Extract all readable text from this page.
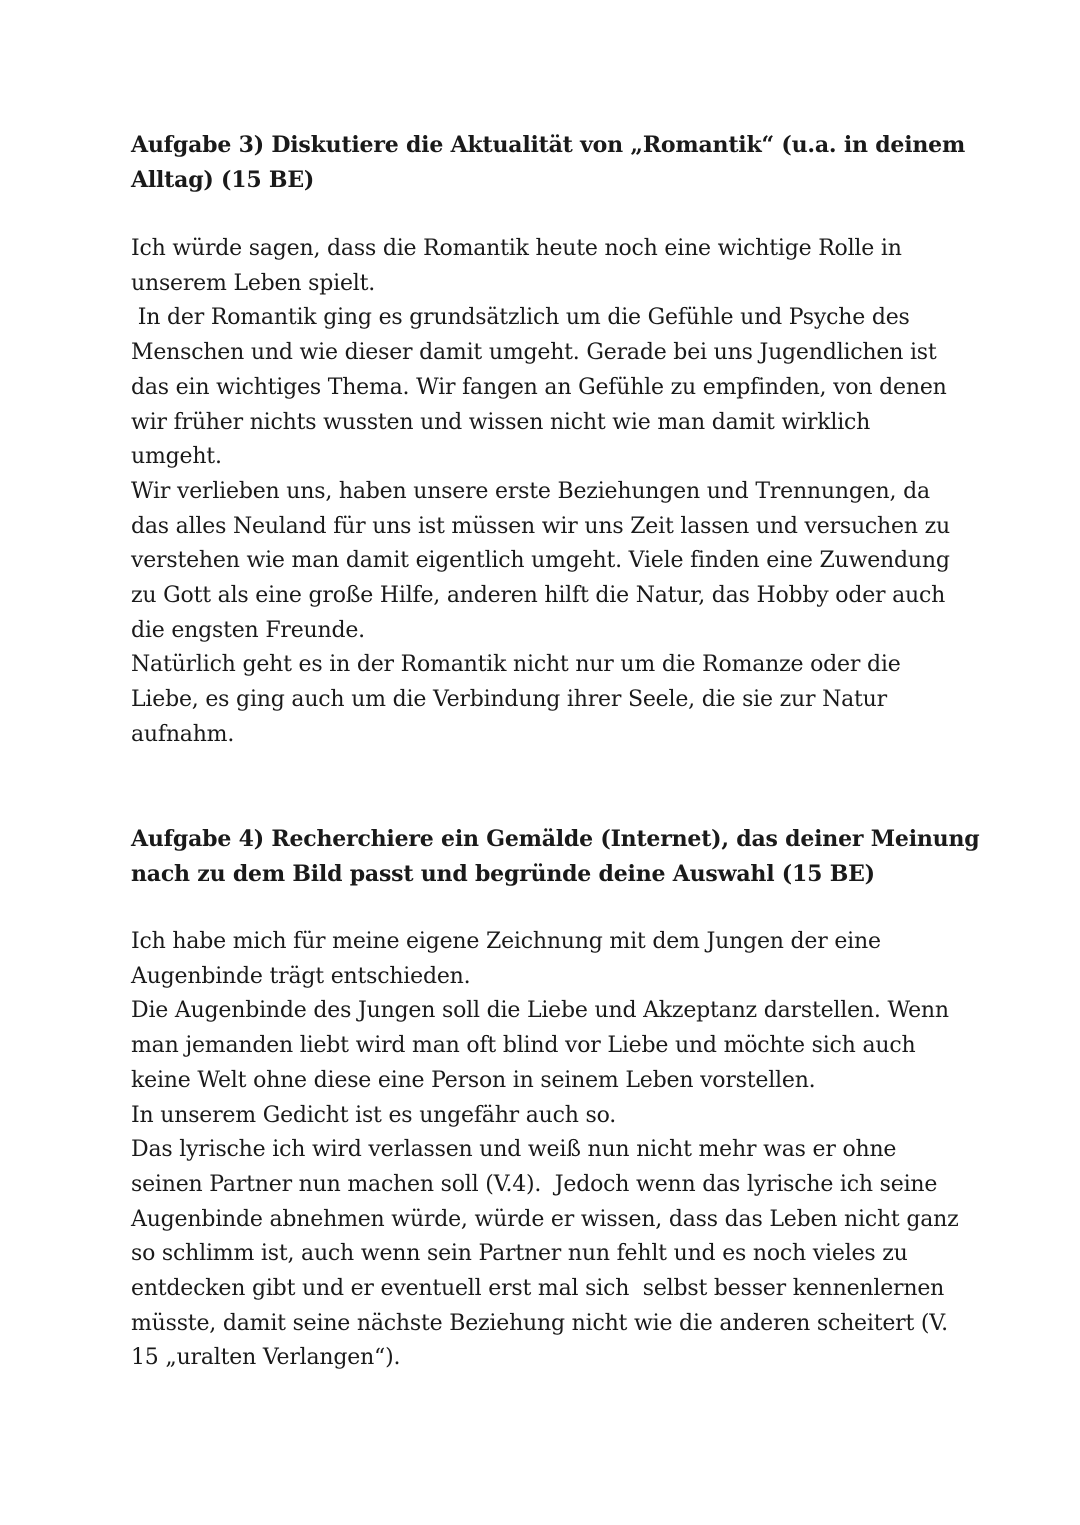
Aufgabe 3) Diskutiere die Aktualität von „Romantik“ (u.a. in deinem
Alltag) (15 BE)

Ich würde sagen, dass die Romantik heute noch eine wichtige Rolle in
unserem Leben spielt.
In der Romantik ging es grundsätzlich um die Gefühle und Psyche des
Menschen und wie dieser damit umgeht. Gerade bei uns Jugendlichen ist
das ein wichtiges Thema. Wir fangen an Gefühle zu empfinden, von denen
wir früher nichts wussten und wissen nicht wie man damit wirklich
umgeht.
Wir verlieben uns, haben unsere erste Beziehungen und Trennungen, da
das alles Neuland für uns ist müssen wir uns Zeit lassen und versuchen zu
verstehen wie man damit eigentlich umgeht. Viele finden eine Zuwendung
zu Gott als eine große Hilfe, anderen hilft die Natur, das Hobby oder auch
die engsten Freunde.
Natürlich geht es in der Romantik nicht nur um die Romanze oder die
Liebe, es ging auch um die Verbindung ihrer Seele, die sie zur Natur
aufnahm.

Aufgabe 4) Recherchiere ein Gemälde (Internet), das deiner Meinung
nach zu dem Bild passt und begründe deine Auswahl (15 BE)

Ich habe mich für meine eigene Zeichnung mit dem Jungen der eine
Augenbinde trägt entschieden.
Die Augenbinde des Jungen soll die Liebe und Akzeptanz darstellen. Wenn
man jemanden liebt wird man oft blind vor Liebe und möchte sich auch
keine Welt ohne diese eine Person in seinem Leben vorstellen.
In unserem Gedicht ist es ungefähr auch so.
Das lyrische ich wird verlassen und weiß nun nicht mehr was er ohne
seinen Partner nun machen soll (V.4).  Jedoch wenn das lyrische ich seine
Augenbinde abnehmen würde, würde er wissen, dass das Leben nicht ganz
so schlimm ist, auch wenn sein Partner nun fehlt und es noch vieles zu
entdecken gibt und er eventuell erst mal sich  selbst besser kennenlernen
müsste, damit seine nächste Beziehung nicht wie die anderen scheitert (V.
15 „uralten Verlangen“).
